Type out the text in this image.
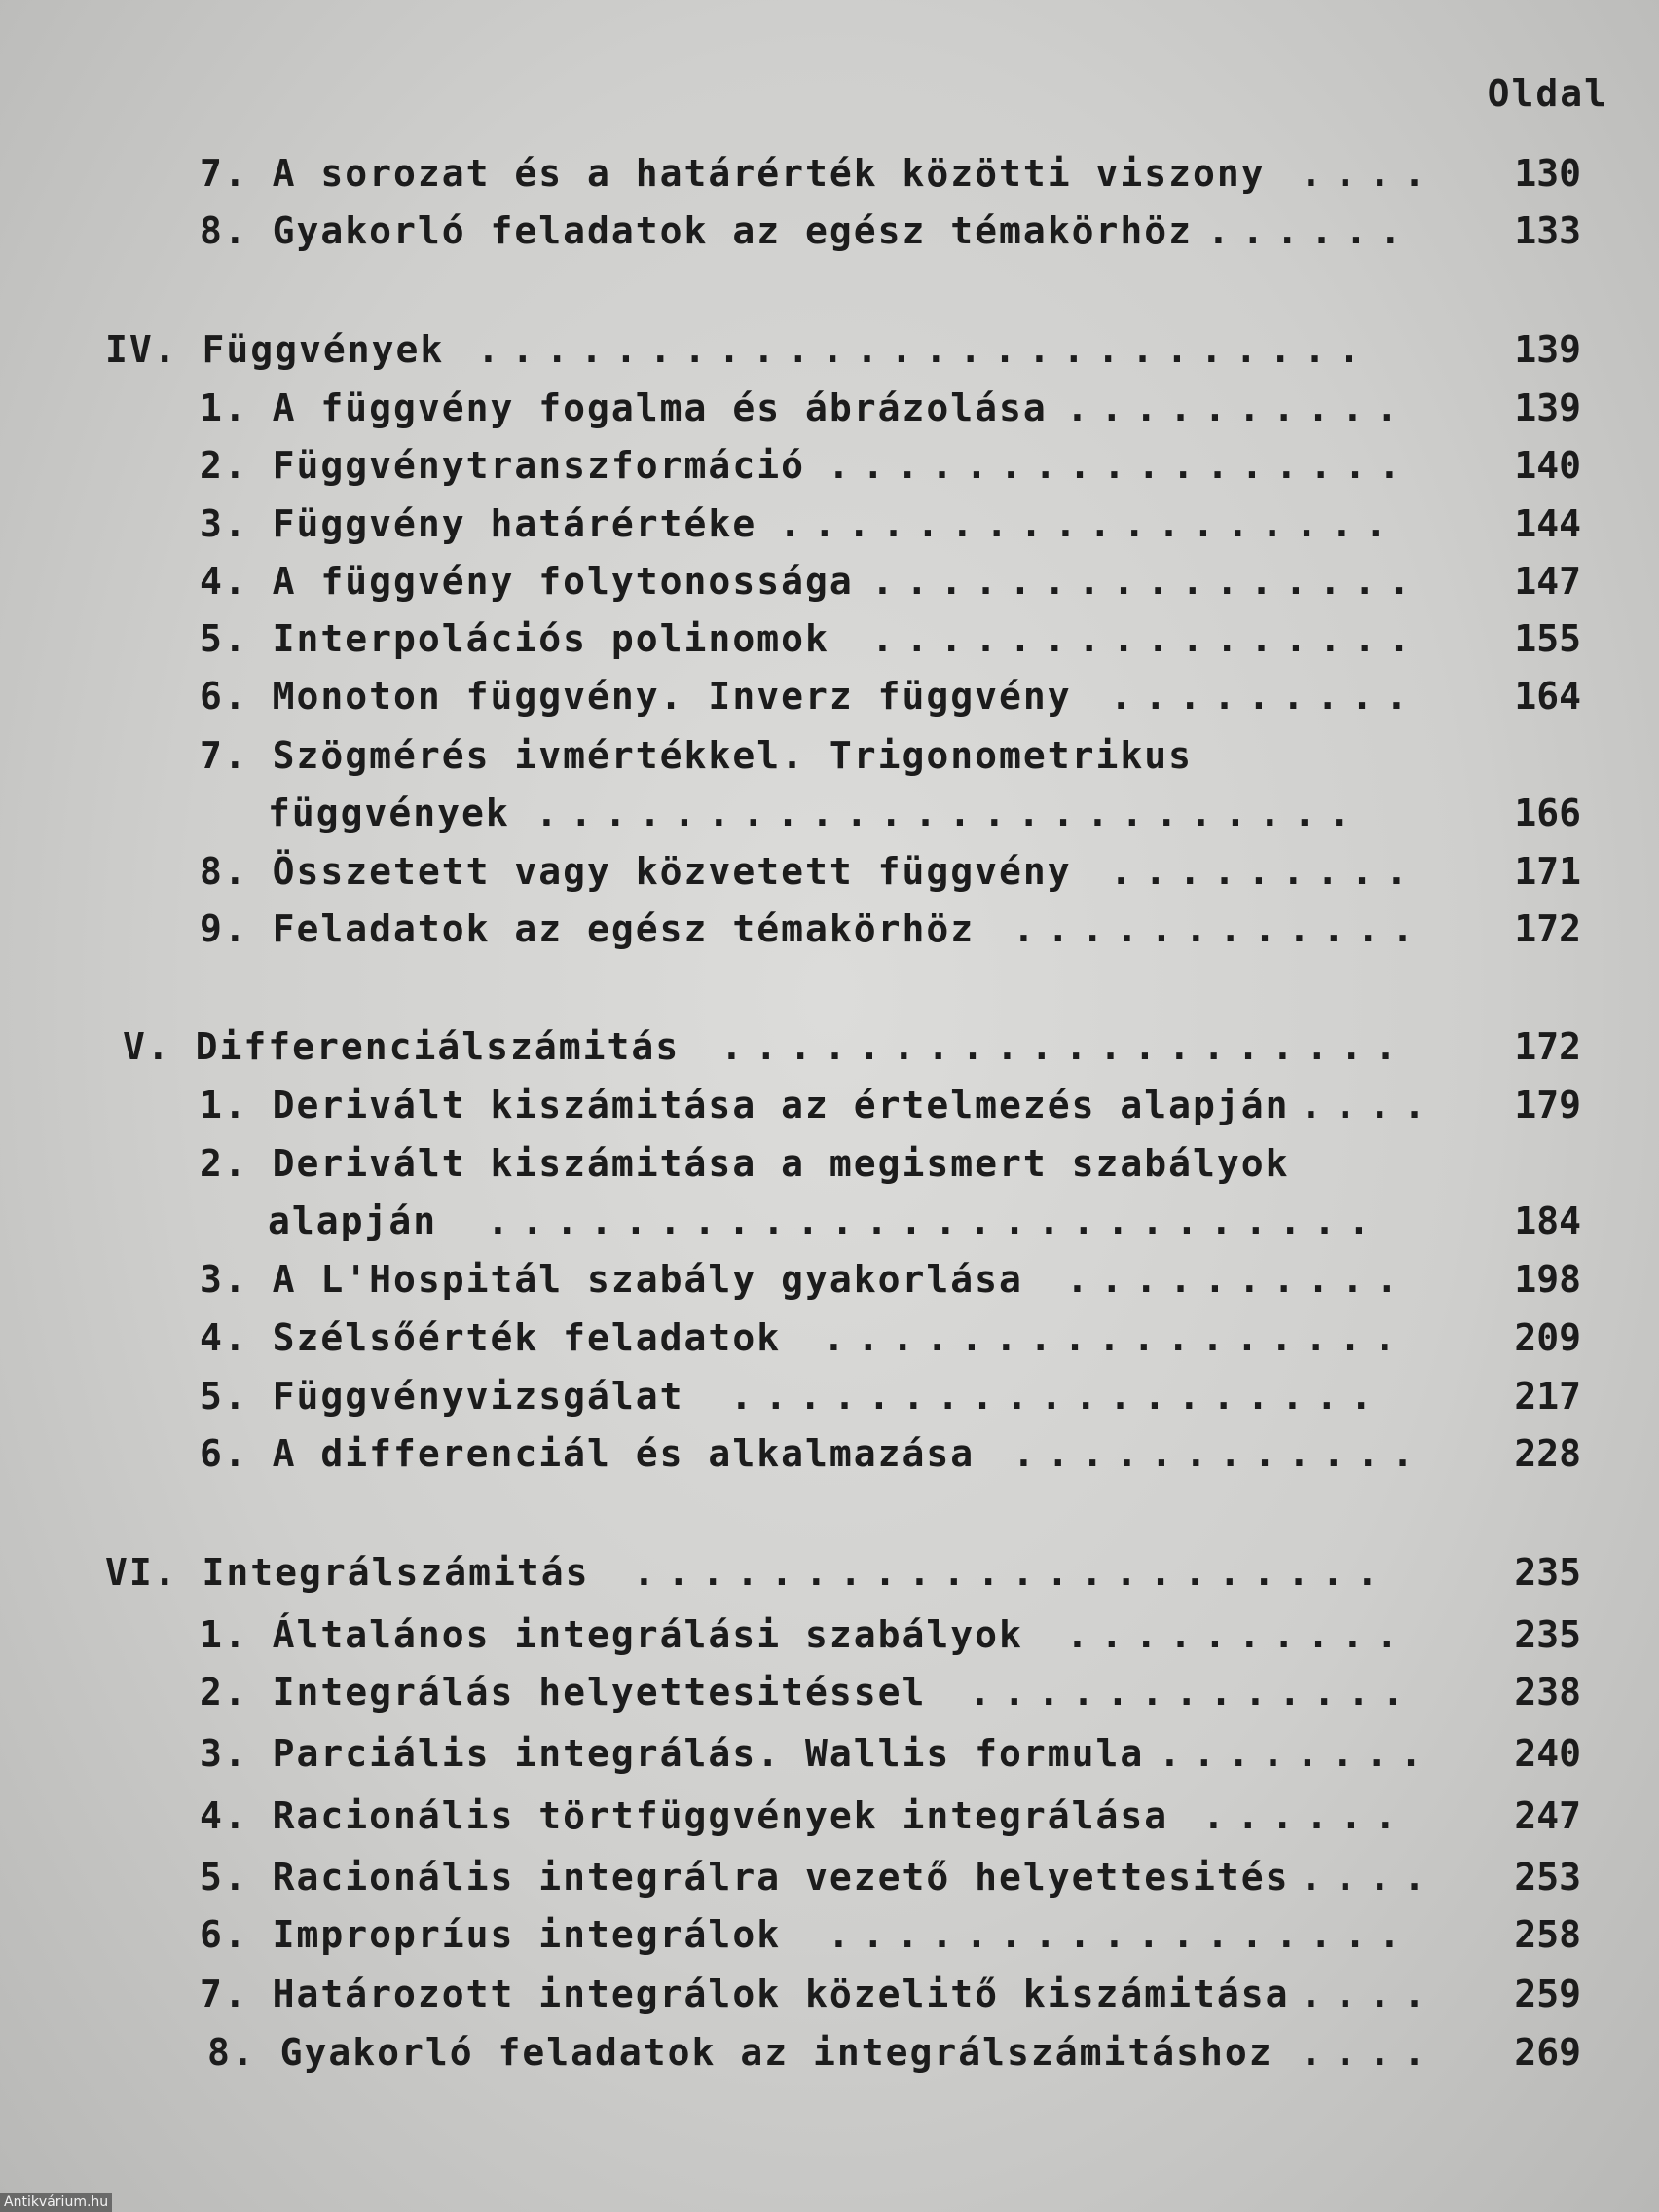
Oldal
7. A sorozat és a határérték közötti viszony ....	130
8. Gyakorló feladatok az egész témakörhöz ......	133
IV. Függvények ..........................	139
1. A függvény fogalma és ábrázolása ..........	139
2. Függvénytranszformáció .................	140
3. Függvény határértéke ..................	144
4. A függvény folytonossága ................	147
5. Interpolációs polinomok ................	155
6. Monoton függvény. Inverz függvény .........	164
7. Szögmérés ivmértékkel. Trigonometrikus
függvények ........................	166
8. Összetett vagy közvetett függvény .........	171
9. Feladatok az egész témakörhöz ............	172
V. Differenciálszámitás ....................	172
1. Derivált kiszámitása az értelmezés alapján ....	179
2. Derivált kiszámitása a megismert szabályok
alapján ..........................	184
3. A L'Hospitál szabály gyakorlása ..........	198
4. Szélsőérték feladatok .................	209
5. Függvényvizsgálat ...................	217
6. A differenciál és alkalmazása ............	228
VI. Integrálszámitás ......................	235
1. Általános integrálási szabályok ..........	235
2. Integrálás helyettesitéssel .............	238
3. Parciális integrálás. Wallis formula ........	240
4. Racionális törtfüggvények integrálása ......	247
5. Racionális integrálra vezető helyettesités ....	253
6. Impropríus integrálok .................	258
7. Határozott integrálok közelitő kiszámitása ....	259
8. Gyakorló feladatok az integrálszámitáshoz ....	269
Antikvárium.hu
